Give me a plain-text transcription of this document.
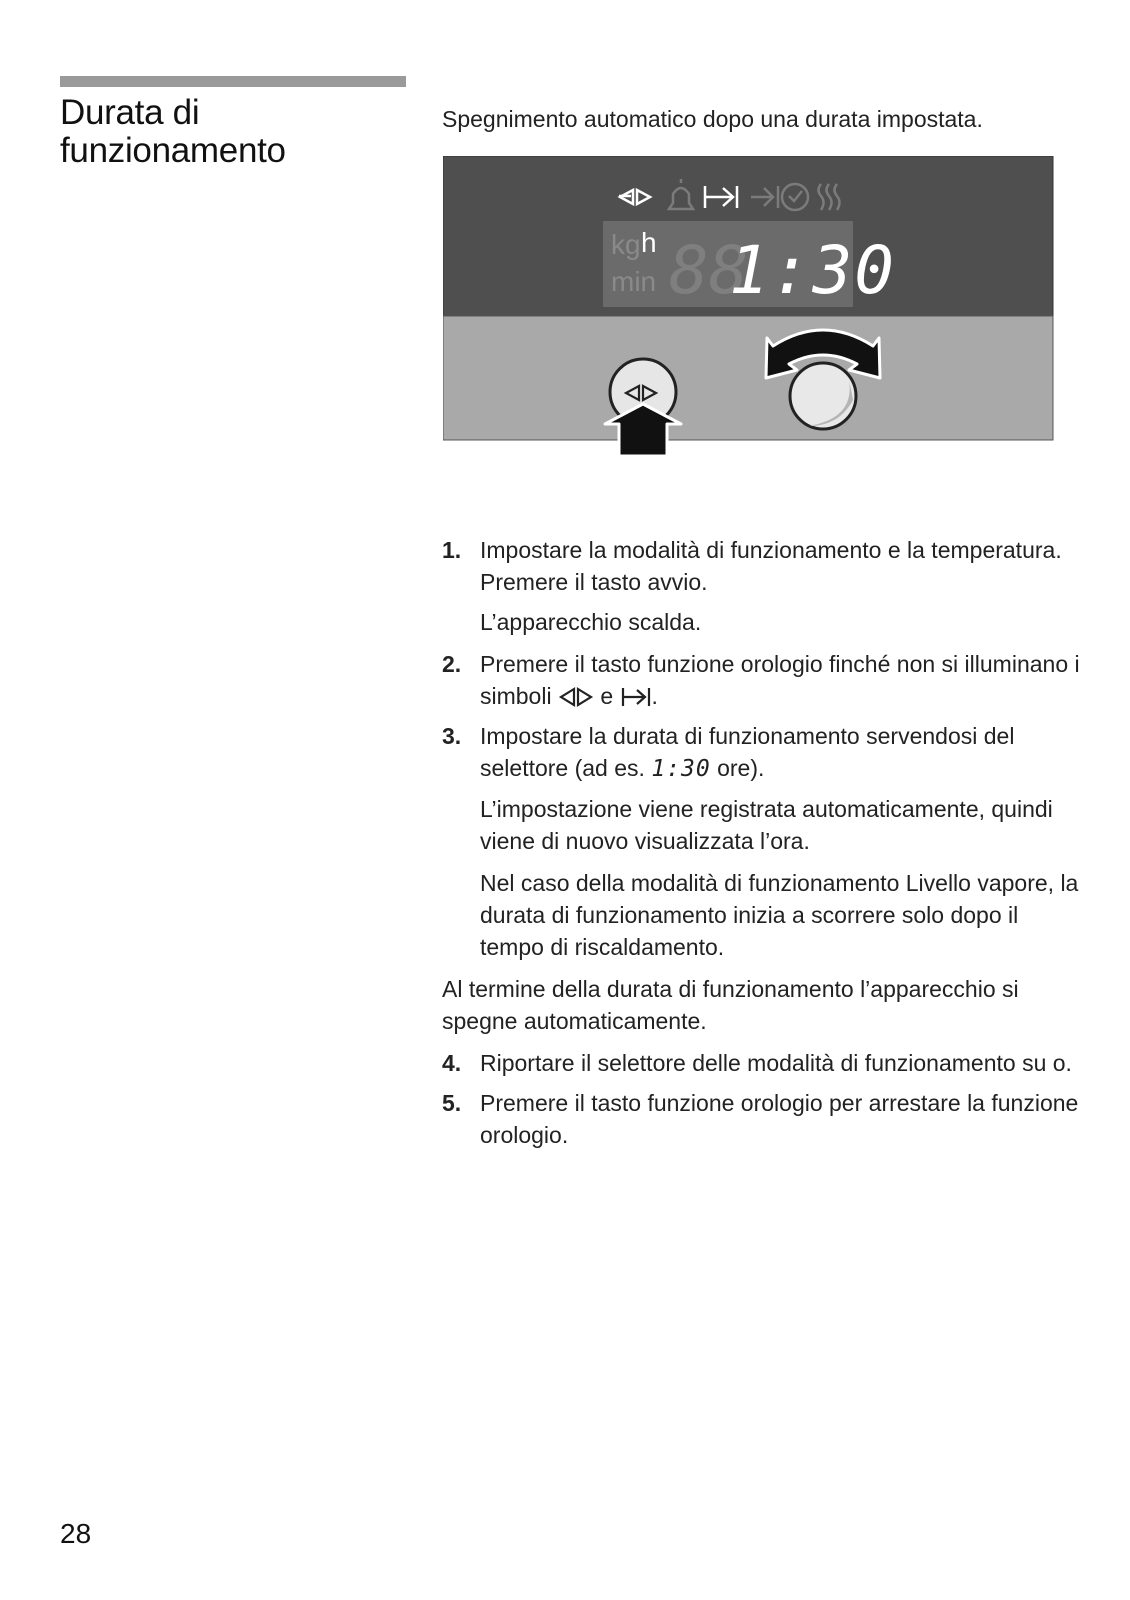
Durata di
funzionamento

Spegnimento automatico dopo una durata impostata.

kg h
min 88
1:30
1. Impostare la modalità di funzionamento e la temperatura. Premere il tasto avvio.
L’apparecchio scalda.
2. Premere il tasto funzione orologio finché non si illuminano i simboli e .
3. Impostare la durata di funzionamento servendosi del selettore (ad es. 1:30 ore).
L’impostazione viene registrata automaticamente, quindi viene di nuovo visualizzata l’ora.
Nel caso della modalità di funzionamento Livello vapore, la durata di funzionamento inizia a scorrere solo dopo il tempo di riscaldamento.
Al termine della durata di funzionamento l’apparecchio si spegne automaticamente.
4. Riportare il selettore delle modalità di funzionamento su o.
5. Premere il tasto funzione orologio per arrestare la funzione orologio.
28
